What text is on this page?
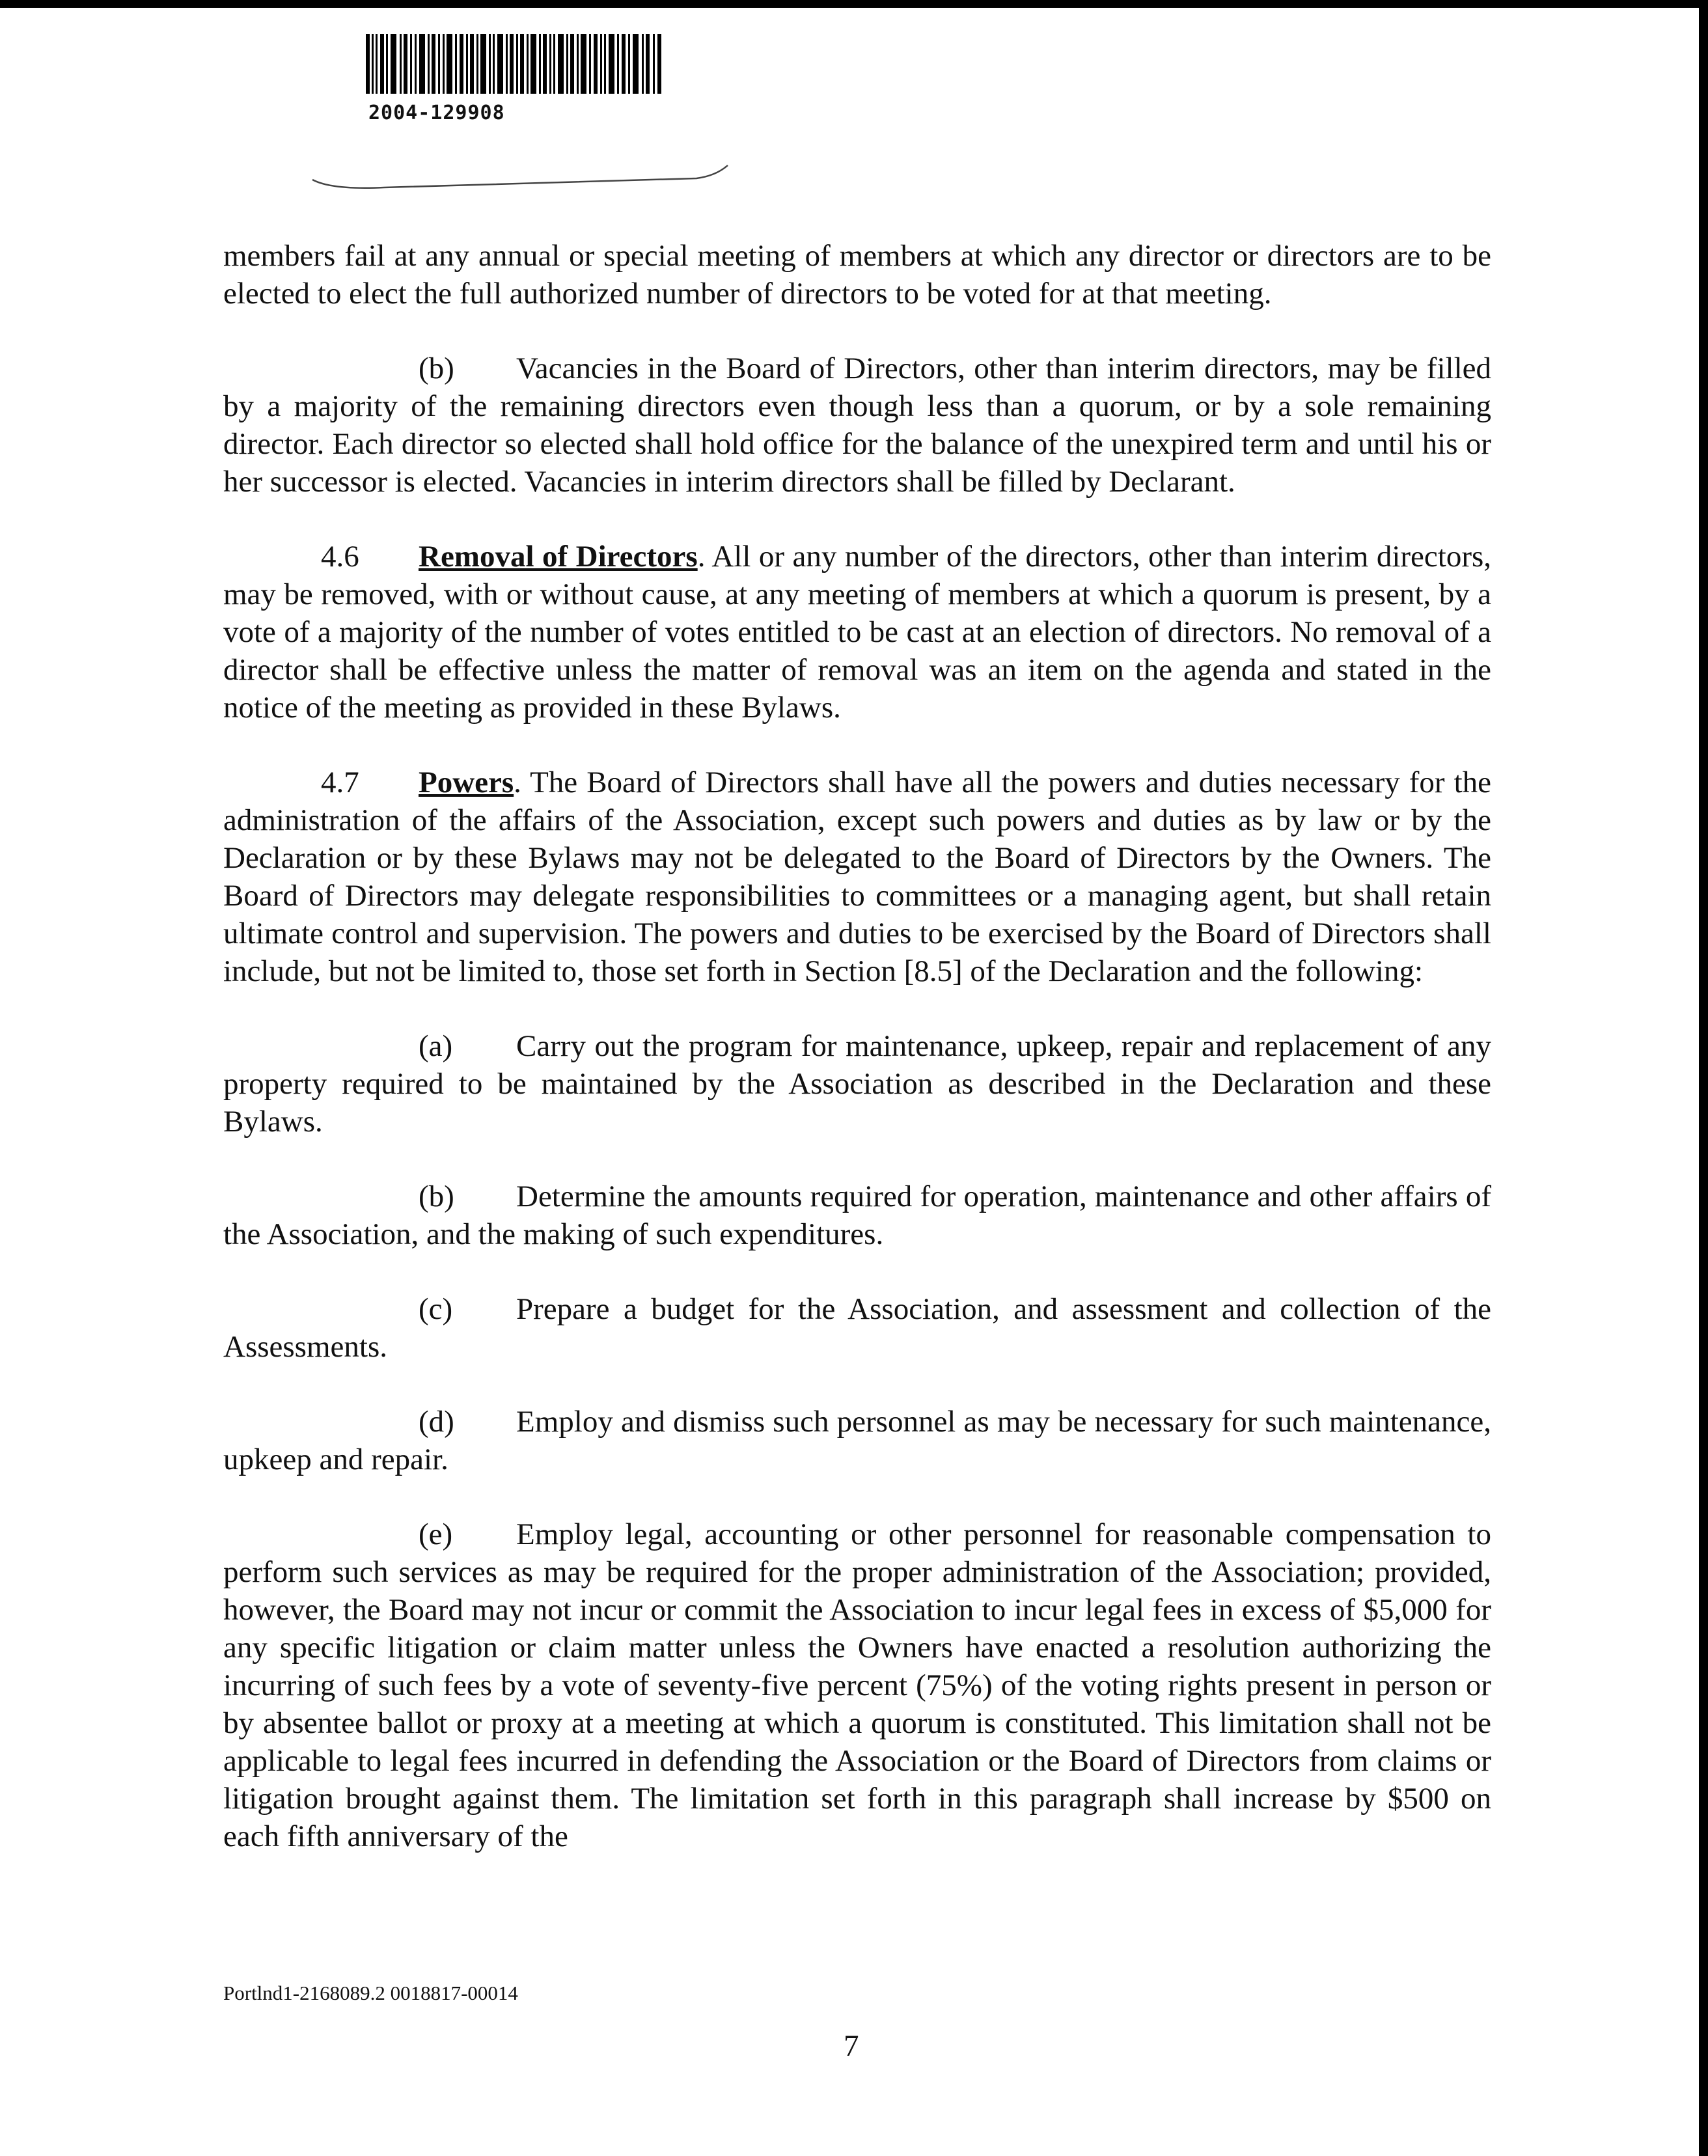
2004-129908

members fail at any annual or special meeting of members at which any director or directors are to be elected to elect the full authorized number of directors to be voted for at that meeting.

(b) Vacancies in the Board of Directors, other than interim directors, may be filled by a majority of the remaining directors even though less than a quorum, or by a sole remaining director. Each director so elected shall hold office for the balance of the unexpired term and until his or her successor is elected. Vacancies in interim directors shall be filled by Declarant.

4.6 Removal of Directors. All or any number of the directors, other than interim directors, may be removed, with or without cause, at any meeting of members at which a quorum is present, by a vote of a majority of the number of votes entitled to be cast at an election of directors. No removal of a director shall be effective unless the matter of removal was an item on the agenda and stated in the notice of the meeting as provided in these Bylaws.

4.7 Powers. The Board of Directors shall have all the powers and duties necessary for the administration of the affairs of the Association, except such powers and duties as by law or by the Declaration or by these Bylaws may not be delegated to the Board of Directors by the Owners. The Board of Directors may delegate responsibilities to committees or a managing agent, but shall retain ultimate control and supervision. The powers and duties to be exercised by the Board of Directors shall include, but not be limited to, those set forth in Section [8.5] of the Declaration and the following:

(a) Carry out the program for maintenance, upkeep, repair and replacement of any property required to be maintained by the Association as described in the Declaration and these Bylaws.

(b) Determine the amounts required for operation, maintenance and other affairs of the Association, and the making of such expenditures.

(c) Prepare a budget for the Association, and assessment and collection of the Assessments.

(d) Employ and dismiss such personnel as may be necessary for such maintenance, upkeep and repair.

(e) Employ legal, accounting or other personnel for reasonable compensation to perform such services as may be required for the proper administration of the Association; provided, however, the Board may not incur or commit the Association to incur legal fees in excess of $5,000 for any specific litigation or claim matter unless the Owners have enacted a resolution authorizing the incurring of such fees by a vote of seventy-five percent (75%) of the voting rights present in person or by absentee ballot or proxy at a meeting at which a quorum is constituted. This limitation shall not be applicable to legal fees incurred in defending the Association or the Board of Directors from claims or litigation brought against them. The limitation set forth in this paragraph shall increase by $500 on each fifth anniversary of the

Portlnd1-2168089.2 0018817-00014
7
